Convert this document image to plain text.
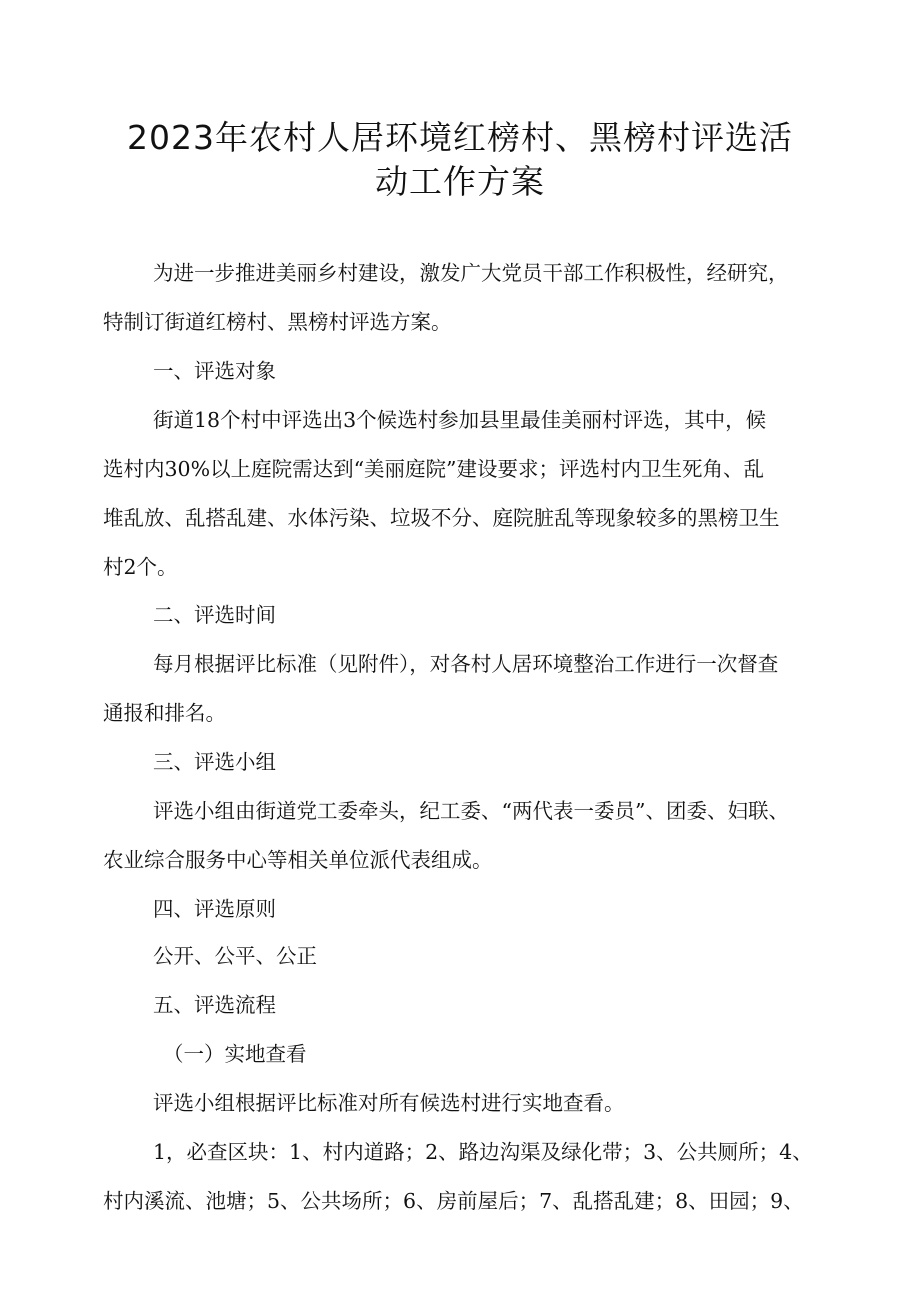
2023年农村人居环境红榜村、黑榜村评选活
动工作方案
为进一步推进美丽乡村建设，激发广大党员干部工作积极性，经研究，
特制订街道红榜村、黑榜村评选方案。
一、评选对象
街道18个村中评选出3个候选村参加县里最佳美丽村评选，其中，候
选村内30%以上庭院需达到“美丽庭院”建设要求；评选村内卫生死角、乱
堆乱放、乱搭乱建、水体污染、垃圾不分、庭院脏乱等现象较多的黑榜卫生
村2个。
二、评选时间
每月根据评比标准（见附件），对各村人居环境整治工作进行一次督查
通报和排名。
三、评选小组
评选小组由街道党工委牵头，纪工委、“两代表一委员”、团委、妇联、
农业综合服务中心等相关单位派代表组成。
四、评选原则
公开、公平、公正
五、评选流程
（一）实地查看
评选小组根据评比标准对所有候选村进行实地查看。
1，必查区块：1、村内道路；2、路边沟渠及绿化带；3、公共厕所；4、
村内溪流、池塘；5、公共场所；6、房前屋后；7、乱搭乱建；8、田园；9、
